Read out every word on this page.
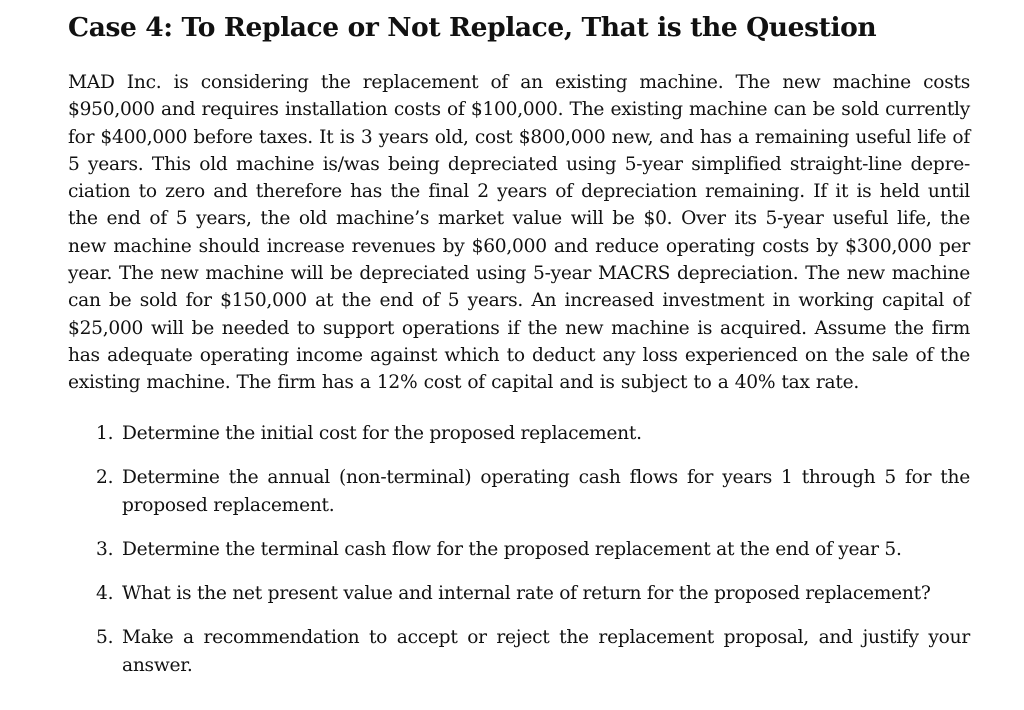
Case 4: To Replace or Not Replace, That is the Question
MAD Inc. is considering the replacement of an existing machine. The new machine costs
$950,000 and requires installation costs of $100,000. The existing machine can be sold currently
for $400,000 before taxes. It is 3 years old, cost $800,000 new, and has a remaining useful life of
5 years. This old machine is/was being depreciated using 5-year simplified straight-line depre-
ciation to zero and therefore has the final 2 years of depreciation remaining. If it is held until
the end of 5 years, the old machine’s market value will be $0. Over its 5-year useful life, the
new machine should increase revenues by $60,000 and reduce operating costs by $300,000 per
year. The new machine will be depreciated using 5-year MACRS depreciation. The new machine
can be sold for $150,000 at the end of 5 years. An increased investment in working capital of
$25,000 will be needed to support operations if the new machine is acquired. Assume the firm
has adequate operating income against which to deduct any loss experienced on the sale of the
existing machine. The firm has a 12% cost of capital and is subject to a 40% tax rate.
1. Determine the initial cost for the proposed replacement.
2. Determine the annual (non-terminal) operating cash flows for years 1 through 5 for the
proposed replacement.
3. Determine the terminal cash flow for the proposed replacement at the end of year 5.
4. What is the net present value and internal rate of return for the proposed replacement?
5. Make a recommendation to accept or reject the replacement proposal, and justify your
answer.
